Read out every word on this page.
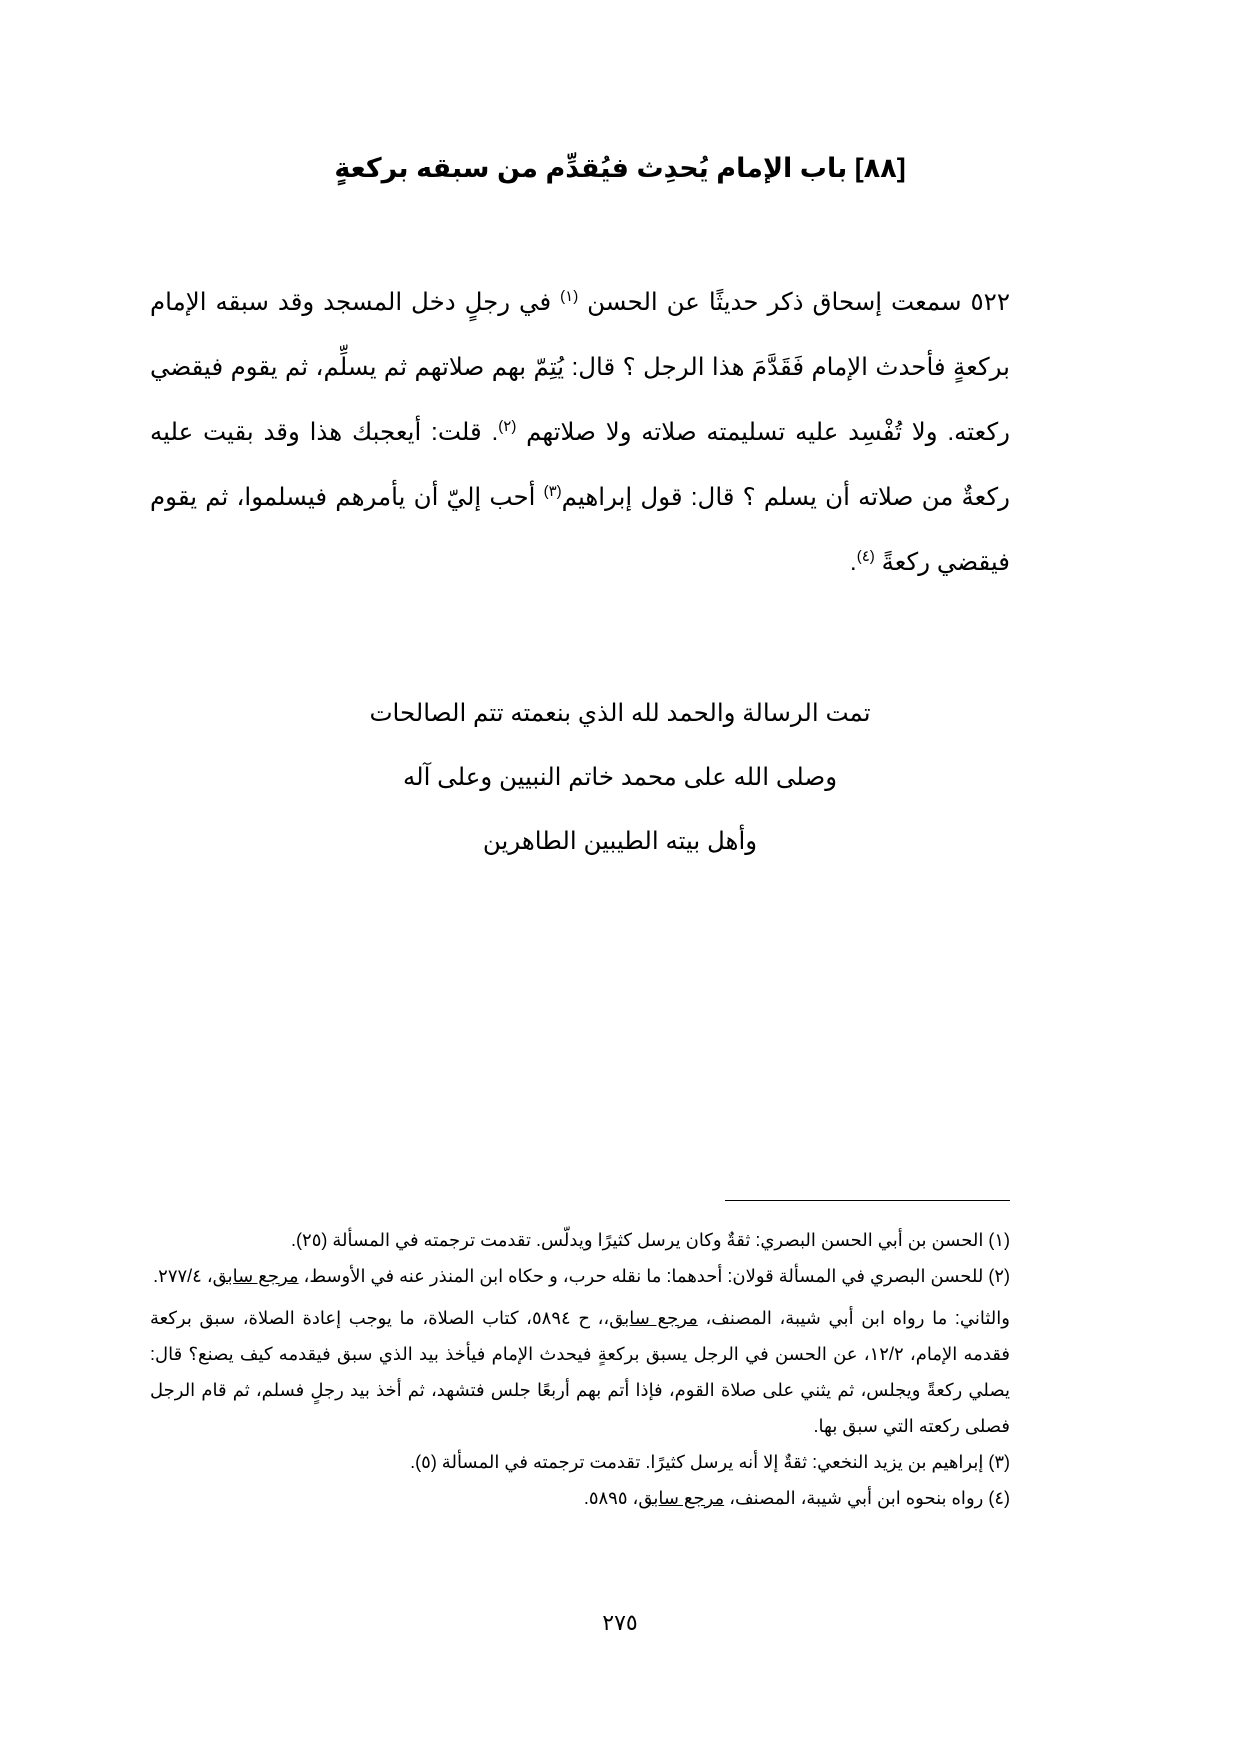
[٨٨] باب الإمام يُحدِث فيُقدِّم من سبقه بركعةٍ

٥٢٢ سمعت إسحاق ذكر حديثًا عن الحسن $^{(١)}$ في رجلٍ دخل المسجد وقد سبقه الإمام بركعةٍ فأحدث الإمام فَقَدَّمَ هذا الرجل ؟ قال: يُتِمّ بهم صلاتهم ثم يسلِّم، ثم يقوم فيقضي ركعته. ولا تُفْسِد عليه تسليمته صلاته ولا صلاتهم $^{(٢)}$. قلت: أيعجبك هذا وقد بقيت عليه ركعةٌ من صلاته أن يسلم ؟ قال: قول إبراهيم$^{(٣)}$ أحب إليّ أن يأمرهم فيسلموا، ثم يقوم فيقضي ركعةً $^{(٤)}$.

تمت الرسالة والحمد لله الذي بنعمته تتم الصالحات
وصلى الله على محمد خاتم النبيين وعلى آله
وأهل بيته الطيبين الطاهرين

(١) الحسن بن أبي الحسن البصري: ثقةٌ وكان يرسل كثيرًا ويدلّس. تقدمت ترجمته في المسألة (٢٥).

(٢) للحسن البصري في المسألة قولان: أحدهما: ما نقله حرب، و حكاه ابن المنذر عنه في الأوسط، مرجع سابق، ٢٧٧/٤.

والثاني: ما رواه ابن أبي شيبة، المصنف، مرجع سابق،، ح ٥٨٩٤، كتاب الصلاة، ما يوجب إعادة الصلاة، سبق بركعة فقدمه الإمام، ١٢/٢، عن الحسن في الرجل يسبق بركعةٍ فيحدث الإمام فيأخذ بيد الذي سبق فيقدمه كيف يصنع؟ قال: يصلي ركعةً ويجلس، ثم يثني على صلاة القوم، فإذا أتم بهم أربعًا جلس فتشهد، ثم أخذ بيد رجلٍ فسلم، ثم قام الرجل فصلى ركعته التي سبق بها.

(٣) إبراهيم بن يزيد النخعي: ثقةٌ إلا أنه يرسل كثيرًا. تقدمت ترجمته في المسألة (٥).

(٤) رواه بنحوه ابن أبي شيبة، المصنف، مرجع سابق، ٥٨٩٥.

٢٧٥
